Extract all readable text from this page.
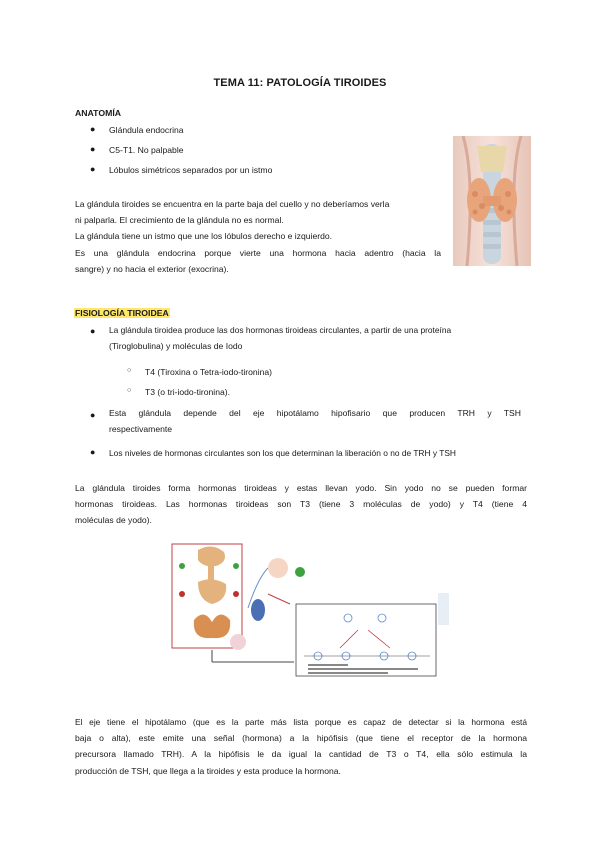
TEMA 11: PATOLOGÍA TIROIDES
ANATOMÍA
● Glándula endocrina
● C5-T1. No palpable
● Lóbulos simétricos separados por un istmo
La glándula tiroides se encuentra en la parte baja del cuello y no deberíamos verla
ni palparla. El crecimiento de la glándula no es normal.
La glándula tiene un istmo que une los lóbulos derecho e izquierdo.
Es una glándula endocrina porque vierte una hormona hacia adentro (hacia la
sangre) y no hacia el exterior (exocrina).
FISIOLOGÍA TIROIDEA
● La glándula tiroidea produce las dos hormonas tiroideas circulantes, a partir de una proteína
(Tiroglobulina) y moléculas de Iodo
○ T4 (Tiroxina o Tetra-iodo-tironina)
○ T3 (o tri-iodo-tironina).
● Esta glándula depende del eje hipotálamo hipofisario que producen TRH y TSH
respectivamente
● Los niveles de hormonas circulantes son los que determinan la liberación o no de TRH y TSH
La glándula tiroides forma hormonas tiroideas y estas llevan yodo. Sin yodo no se pueden formar
hormonas tiroideas. Las hormonas tiroideas son T3 (tiene 3 moléculas de yodo) y T4 (tiene 4
moléculas de yodo).
El eje tiene el hipotálamo (que es la parte más lista porque es capaz de detectar si la hormona está
baja o alta), este emite una señal (hormona) a la hipófisis (que tiene el receptor de la hormona
precursora llamado TRH). A la hipófisis le da igual la cantidad de T3 o T4, ella sólo estimula la
producción de TSH, que llega a la tiroides y esta produce la hormona.
